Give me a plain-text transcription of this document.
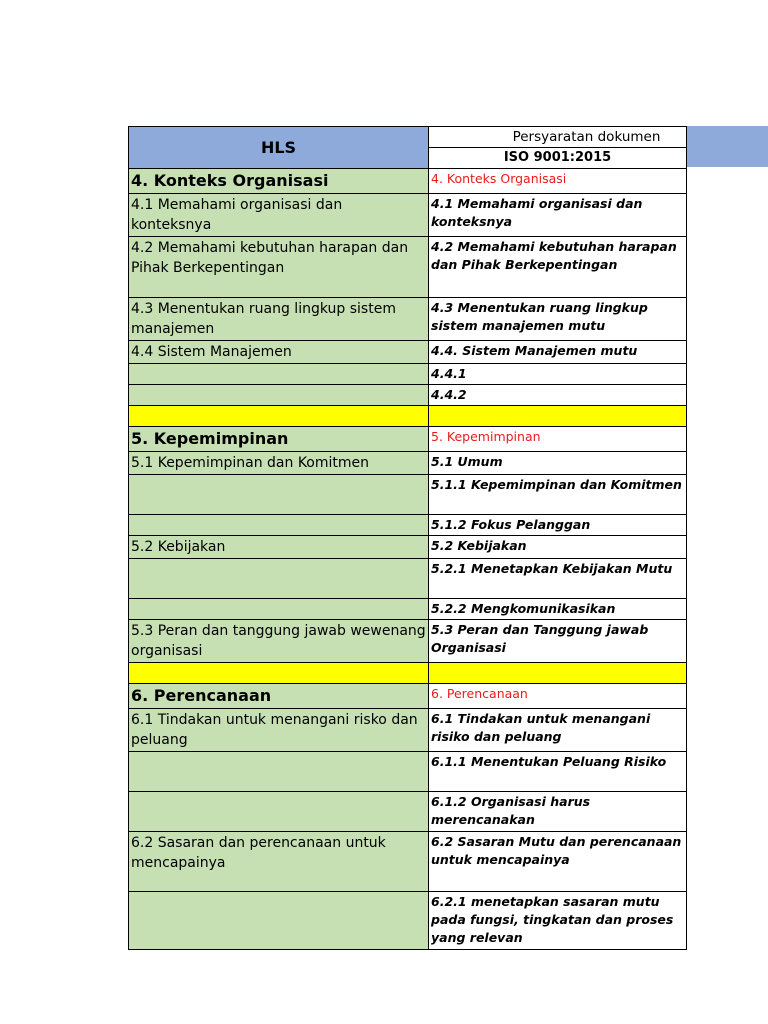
HLS	Persyaratan dokumen
	ISO 9001:2015
4. Konteks Organisasi	4. Konteks Organisasi
4.1 Memahami organisasi dan konteksnya	4.1 Memahami organisasi dan konteksnya
4.2 Memahami kebutuhan harapan dan Pihak Berkepentingan	4.2 Memahami kebutuhan harapan dan Pihak Berkepentingan
4.3 Menentukan ruang lingkup sistem manajemen	4.3 Menentukan ruang lingkup sistem manajemen mutu
4.4 Sistem Manajemen	4.4. Sistem Manajemen mutu
	4.4.1
	4.4.2

5. Kepemimpinan	5. Kepemimpinan
5.1 Kepemimpinan dan Komitmen	5.1 Umum
	5.1.1 Kepemimpinan dan Komitmen
	5.1.2 Fokus Pelanggan
5.2 Kebijakan	5.2 Kebijakan
	5.2.1 Menetapkan Kebijakan Mutu
	5.2.2 Mengkomunikasikan
5.3 Peran dan tanggung jawab wewenang organisasi	5.3 Peran dan Tanggung jawab Organisasi

6. Perencanaan	6. Perencanaan
6.1 Tindakan untuk menangani risko dan peluang	6.1 Tindakan untuk menangani risiko dan peluang
	6.1.1 Menentukan Peluang Risiko
	6.1.2 Organisasi harus merencanakan
6.2 Sasaran dan perencanaan untuk mencapainya	6.2 Sasaran Mutu dan perencanaan untuk mencapainya
	6.2.1 menetapkan sasaran mutu pada fungsi, tingkatan dan proses yang relevan
